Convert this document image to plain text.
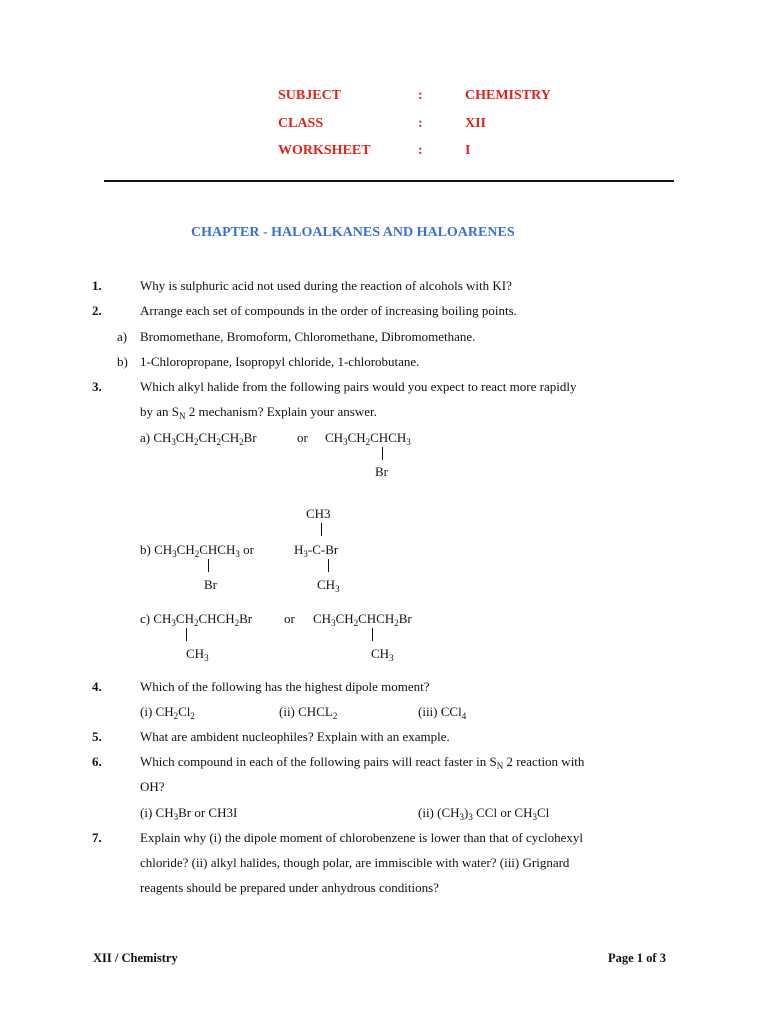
SUBJECT	:	CHEMISTRY
CLASS	:	XII
WORKSHEET	:	I
CHAPTER - HALOALKANES AND HALOARENES
1.	Why is sulphuric acid not used during the reaction of alcohols with KI?
2.	Arrange each set of compounds in the order of increasing boiling points.
a) Bromomethane, Bromoform, Chloromethane, Dibromomethane.
b) 1-Chloropropane, Isopropyl chloride, 1-chlorobutane.
3.	Which alkyl halide from the following pairs would you expect to react more rapidly
by an $S_N$ 2 mechanism? Explain your answer.
a) $CH_3CH_2CH_2CH_2Br$	or $CH_3CH_2CHCH_3$
Br
CH3
b) $CH_3CH_2CHCH_3$ or	$H_3-C-Br$
Br	$CH_3$
c) $CH_3CH_2CHCH_2Br$ or $CH_3CH_2CHCH_2Br$
$CH_3$	$CH_3$
4.	Which of the following has the highest dipole moment?
(i) $CH_2Cl_2$	(ii) $CHCL_2$	(iii) CCl$_4$
5.	What are ambident nucleophiles? Explain with an example.
6.	Which compound in each of the following pairs will react faster in $S_N$ 2 reaction with
OH?
(i) $CH_3Br$ or CH3I	(ii) $(CH_3)_3$ CCl or $CH_3Cl$
7.	Explain why (i) the dipole moment of chlorobenzene is lower than that of cyclohexyl
chloride? (ii) alkyl halides, though polar, are immiscible with water? (iii) Grignard
reagents should be prepared under anhydrous conditions?
XII / Chemistry	Page 1 of 3
